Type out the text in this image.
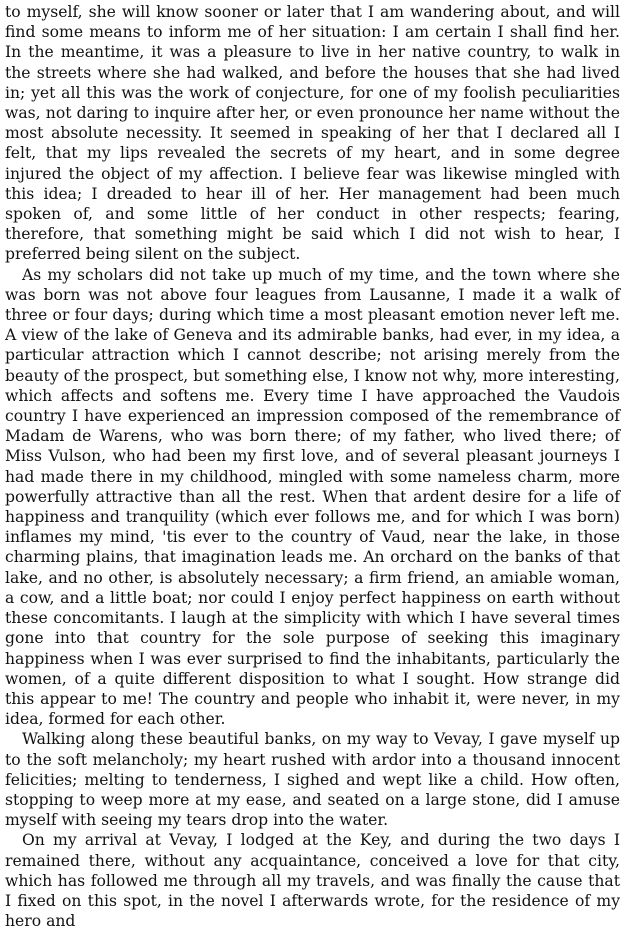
to myself, she will know sooner or later that I am wandering about, and will find some means to inform me of her situation: I am certain I shall find her. In the meantime, it was a pleasure to live in her native country, to walk in the streets where she had walked, and before the houses that she had lived in; yet all this was the work of conjecture, for one of my foolish peculiarities was, not daring to inquire after her, or even pronounce her name without the most absolute necessity. It seemed in speaking of her that I declared all I felt, that my lips revealed the secrets of my heart, and in some degree injured the object of my affection. I believe fear was likewise mingled with this idea; I dreaded to hear ill of her. Her management had been much spoken of, and some little of her conduct in other respects; fearing, therefore, that something might be said which I did not wish to hear, I preferred being silent on the subject.

As my scholars did not take up much of my time, and the town where she was born was not above four leagues from Lausanne, I made it a walk of three or four days; during which time a most pleasant emotion never left me. A view of the lake of Geneva and its admirable banks, had ever, in my idea, a particular attraction which I cannot describe; not arising merely from the beauty of the prospect, but something else, I know not why, more interesting, which affects and softens me. Every time I have approached the Vaudois country I have experienced an impression composed of the remembrance of Madam de Warens, who was born there; of my father, who lived there; of Miss Vulson, who had been my first love, and of several pleasant journeys I had made there in my childhood, mingled with some nameless charm, more powerfully attractive than all the rest. When that ardent desire for a life of happiness and tranquility (which ever follows me, and for which I was born) inflames my mind, 'tis ever to the country of Vaud, near the lake, in those charming plains, that imagination leads me. An orchard on the banks of that lake, and no other, is absolutely necessary; a firm friend, an amiable woman, a cow, and a little boat; nor could I enjoy perfect happiness on earth without these concomitants. I laugh at the simplicity with which I have several times gone into that country for the sole purpose of seeking this imaginary happiness when I was ever surprised to find the inhabitants, particularly the women, of a quite different disposition to what I sought. How strange did this appear to me! The country and people who inhabit it, were never, in my idea, formed for each other.

Walking along these beautiful banks, on my way to Vevay, I gave myself up to the soft melancholy; my heart rushed with ardor into a thousand innocent felicities; melting to tenderness, I sighed and wept like a child. How often, stopping to weep more at my ease, and seated on a large stone, did I amuse myself with seeing my tears drop into the water.

On my arrival at Vevay, I lodged at the Key, and during the two days I remained there, without any acquaintance, conceived a love for that city, which has followed me through all my travels, and was finally the cause that I fixed on this spot, in the novel I afterwards wrote, for the residence of my hero and
